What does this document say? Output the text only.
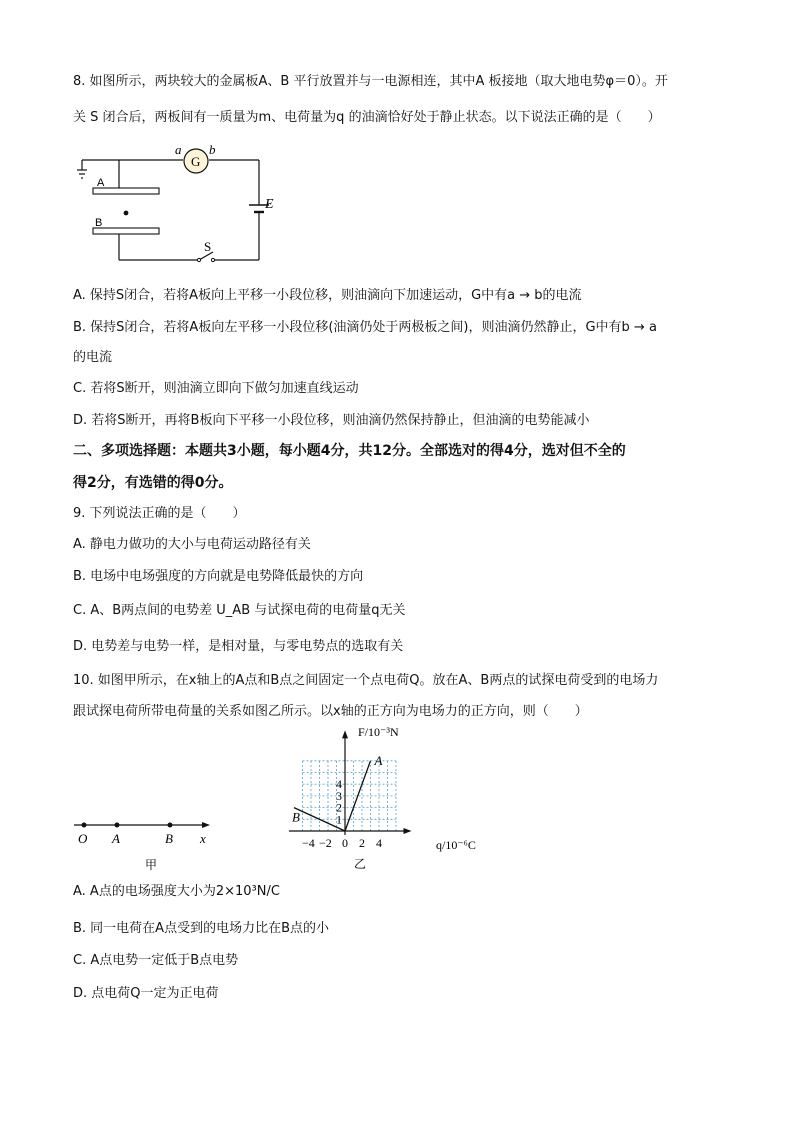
8. 如图所示，两块较大的金属板A、B 平行放置并与一电源相连，其中A 板接地（取大地电势φ＝0）。开
关 S 闭合后，两板间有一质量为m、电荷量为q 的油滴恰好处于静止状态。以下说法正确的是（　　）
A
B
G
a b
E
S
A. 保持S闭合，若将A板向上平移一小段位移，则油滴向下加速运动，G中有a → b的电流
B. 保持S闭合，若将A板向左平移一小段位移(油滴仍处于两极板之间)，则油滴仍然静止，G中有b → a
的电流
C. 若将S断开，则油滴立即向下做匀加速直线运动
D. 若将S断开，再将B板向下平移一小段位移，则油滴仍然保持静止，但油滴的电势能减小
二、多项选择题：本题共3小题，每小题4分，共12分。全部选对的得4分，选对但不全的
得2分，有选错的得0分。
9. 下列说法正确的是（　　）
A. 静电力做功的大小与电荷运动路径有关
B. 电场中电场强度的方向就是电势降低最快的方向
C. A、B两点间的电势差 U_AB 与试探电荷的电荷量q无关
D. 电势差与电势一样，是相对量，与零电势点的选取有关
10. 如图甲所示，在x轴上的A点和B点之间固定一个点电荷Q。放在A、B两点的试探电荷受到的电场力
跟试探电荷所带电荷量的关系如图乙所示。以x轴的正方向为电场力的正方向，则（　　）
O A	B x
甲
A
B
−4 −2 0 2 4
1
2
3
4
F/10⁻³N
q/10⁻⁶C
乙
A. A点的电场强度大小为2×10³N/C
B. 同一电荷在A点受到的电场力比在B点的小
C. A点电势一定低于B点电势
D. 点电荷Q一定为正电荷
